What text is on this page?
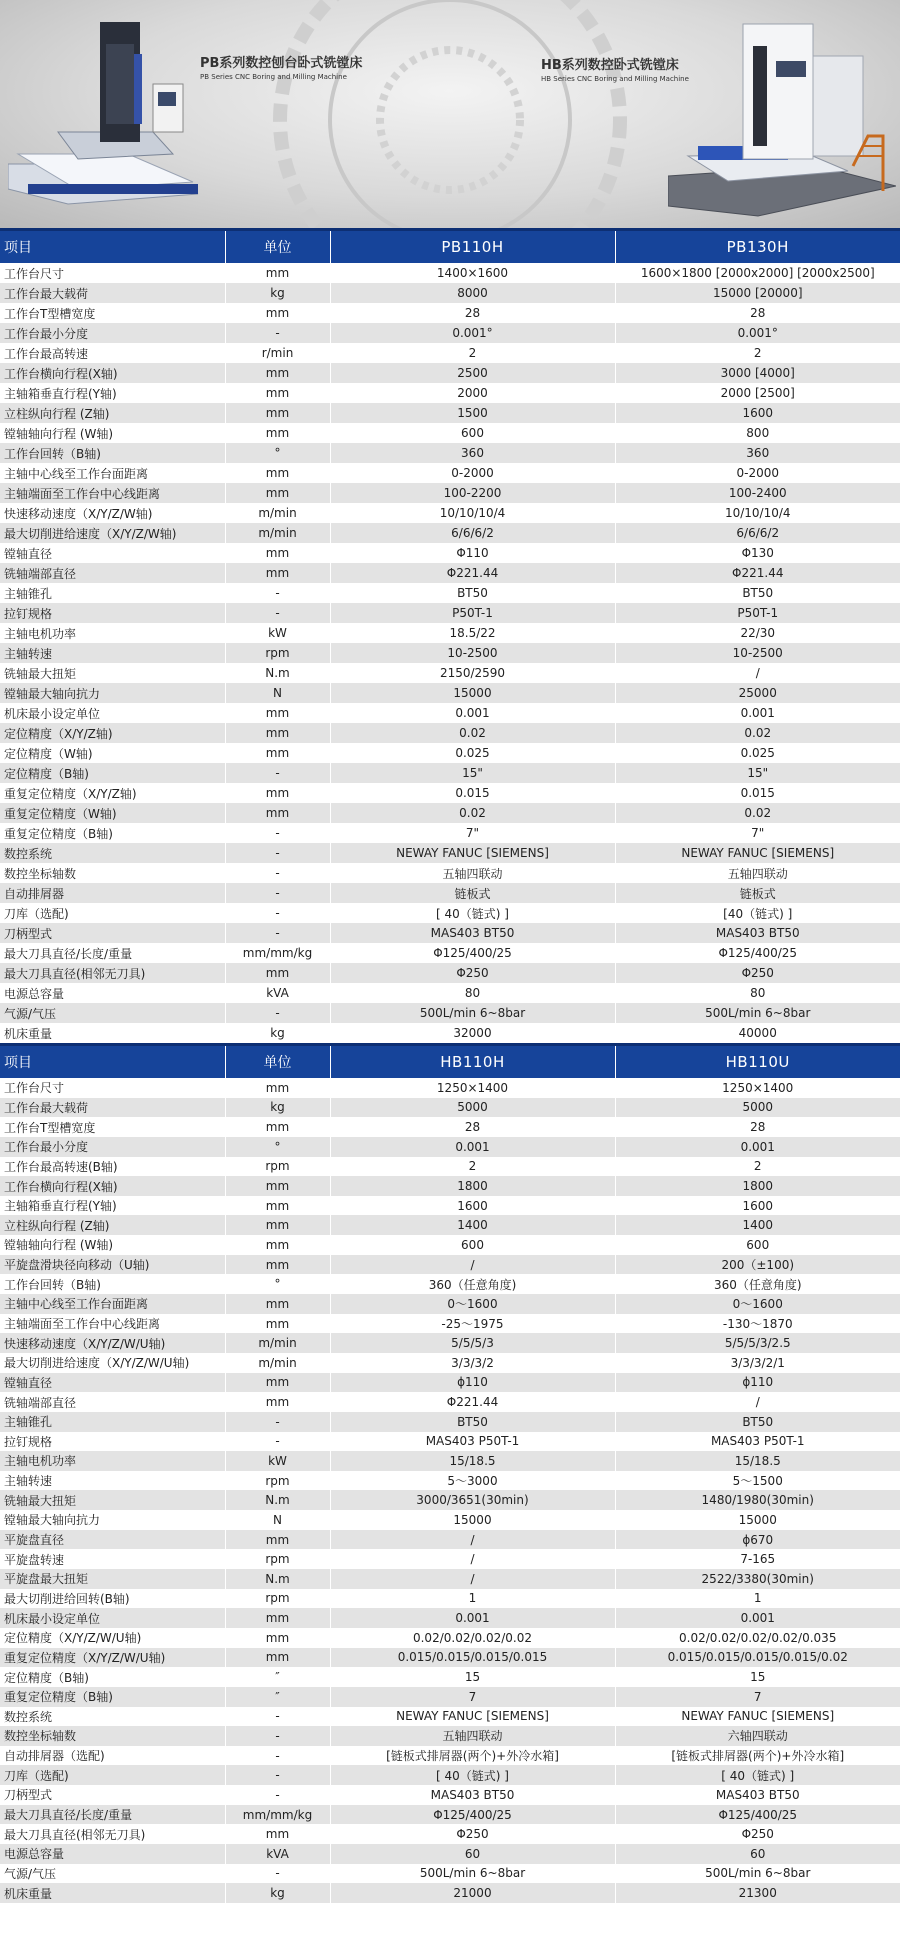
PB系列数控刨台卧式铣镗床
PB Series CNC Boring and Milling Machine
HB系列数控卧式铣镗床
HB Series CNC Boring and Milling Machine
项目	单位	PB110H	PB130H
工作台尺寸	mm	1400×1600	1600×1800 [2000x2000] [2000x2500]
工作台最大载荷	kg	8000	15000 [20000]
工作台T型槽宽度	mm	28	28
工作台最小分度	-	0.001°	0.001°
工作台最高转速	r/min	2	2
工作台横向行程(X轴)	mm	2500	3000 [4000]
主轴箱垂直行程(Y轴)	mm	2000	2000 [2500]
立柱纵向行程 (Z轴)	mm	1500	1600
镗轴轴向行程 (W轴)	mm	600	800
工作台回转（B轴)	°	360	360
主轴中心线至工作台面距离	mm	0-2000	0-2000
主轴端面至工作台中心线距离	mm	100-2200	100-2400
快速移动速度（X/Y/Z/W轴)	m/min	10/10/10/4	10/10/10/4
最大切削进给速度（X/Y/Z/W轴)	m/min	6/6/6/2	6/6/6/2
镗轴直径	mm	Φ110	Φ130
铣轴端部直径	mm	Φ221.44	Φ221.44
主轴锥孔	-	BT50	BT50
拉钉规格	-	P50T-1	P50T-1
主轴电机功率	kW	18.5/22	22/30
主轴转速	rpm	10-2500	10-2500
铣轴最大扭矩	N.m	2150/2590	/
镗轴最大轴向抗力	N	15000	25000
机床最小设定单位	mm	0.001	0.001
定位精度（X/Y/Z轴)	mm	0.02	0.02
定位精度（W轴)	mm	0.025	0.025
定位精度（B轴)	-	15"	15"
重复定位精度（X/Y/Z轴)	mm	0.015	0.015
重复定位精度（W轴)	mm	0.02	0.02
重复定位精度（B轴)	-	7"	7"
数控系统	-	NEWAY FANUC [SIEMENS]	NEWAY FANUC [SIEMENS]
数控坐标轴数	-	五轴四联动	五轴四联动
自动排屑器	-	链板式	链板式
刀库（选配)	-	[ 40（链式) ]	[40（链式) ]
刀柄型式	-	MAS403 BT50	MAS403 BT50
最大刀具直径/长度/重量	mm/mm/kg	Φ125/400/25	Φ125/400/25
最大刀具直径(相邻无刀具)	mm	Φ250	Φ250
电源总容量	kVA	80	80
气源/气压	-	500L/min 6~8bar	500L/min 6~8bar
机床重量	kg	32000	40000
项目	单位	HB110H	HB110U
工作台尺寸	mm	1250×1400	1250×1400
工作台最大载荷	kg	5000	5000
工作台T型槽宽度	mm	28	28
工作台最小分度	°	0.001	0.001
工作台最高转速(B轴)	rpm	2	2
工作台横向行程(X轴)	mm	1800	1800
主轴箱垂直行程(Y轴)	mm	1600	1600
立柱纵向行程 (Z轴)	mm	1400	1400
镗轴轴向行程 (W轴)	mm	600	600
平旋盘滑块径向移动（U轴)	mm	/	200（±100)
工作台回转（B轴)	°	360（任意角度)	360（任意角度)
主轴中心线至工作台面距离	mm	0～1600	0～1600
主轴端面至工作台中心线距离	mm	-25～1975	-130～1870
快速移动速度（X/Y/Z/W/U轴)	m/min	5/5/5/3	5/5/5/3/2.5
最大切削进给速度（X/Y/Z/W/U轴)	m/min	3/3/3/2	3/3/3/2/1
镗轴直径	mm	ϕ110	ϕ110
铣轴端部直径	mm	Φ221.44	/
主轴锥孔	-	BT50	BT50
拉钉规格	-	MAS403 P50T-1	MAS403 P50T-1
主轴电机功率	kW	15/18.5	15/18.5
主轴转速	rpm	5～3000	5～1500
铣轴最大扭矩	N.m	3000/3651(30min)	1480/1980(30min)
镗轴最大轴向抗力	N	15000	15000
平旋盘直径	mm	/	ϕ670
平旋盘转速	rpm	/	7-165
平旋盘最大扭矩	N.m	/	2522/3380(30min)
最大切削进给回转(B轴)	rpm	1	1
机床最小设定单位	mm	0.001	0.001
定位精度（X/Y/Z/W/U轴)	mm	0.02/0.02/0.02/0.02	0.02/0.02/0.02/0.02/0.035
重复定位精度（X/Y/Z/W/U轴)	mm	0.015/0.015/0.015/0.015	0.015/0.015/0.015/0.015/0.02
定位精度（B轴)	″	15	15
重复定位精度（B轴)	″	7	7
数控系统	-	NEWAY FANUC [SIEMENS]	NEWAY FANUC [SIEMENS]
数控坐标轴数	-	五轴四联动	六轴四联动
自动排屑器（选配)	-	[链板式排屑器(两个)+外冷水箱]	[链板式排屑器(两个)+外冷水箱]
刀库（选配)	-	[ 40（链式) ]	[ 40（链式) ]
刀柄型式	-	MAS403 BT50	MAS403 BT50
最大刀具直径/长度/重量	mm/mm/kg	Φ125/400/25	Φ125/400/25
最大刀具直径(相邻无刀具)	mm	Φ250	Φ250
电源总容量	kVA	60	60
气源/气压	-	500L/min 6~8bar	500L/min 6~8bar
机床重量	kg	21000	21300
